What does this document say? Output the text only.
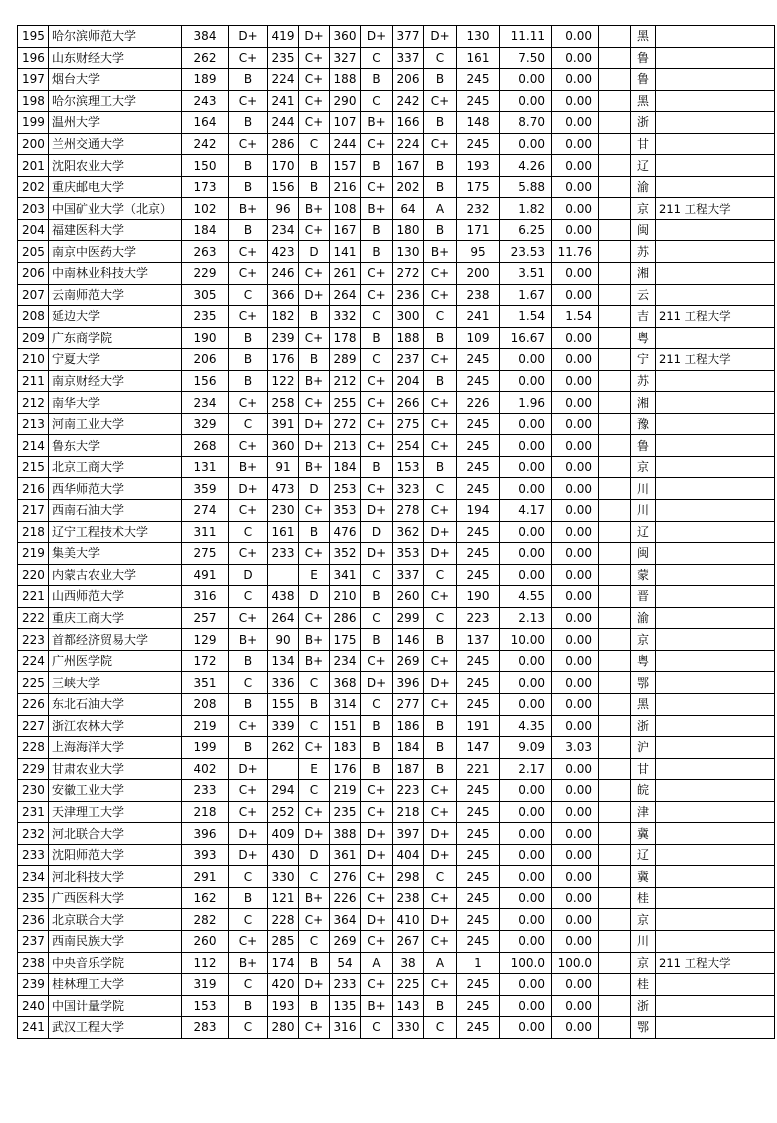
195	哈尔滨师范大学	384	D+	419	D+	360	D+	377	D+	130	11.11	0.00		黑	
196	山东财经大学	262	C+	235	C+	327	C	337	C	161	7.50	0.00		鲁	
197	烟台大学	189	B	224	C+	188	B	206	B	245	0.00	0.00		鲁	
198	哈尔滨理工大学	243	C+	241	C+	290	C	242	C+	245	0.00	0.00		黑	
199	温州大学	164	B	244	C+	107	B+	166	B	148	8.70	0.00		浙	
200	兰州交通大学	242	C+	286	C	244	C+	224	C+	245	0.00	0.00		甘	
201	沈阳农业大学	150	B	170	B	157	B	167	B	193	4.26	0.00		辽	
202	重庆邮电大学	173	B	156	B	216	C+	202	B	175	5.88	0.00		渝	
203	中国矿业大学（北京）	102	B+	96	B+	108	B+	64	A	232	1.82	0.00		京	211 工程大学
204	福建医科大学	184	B	234	C+	167	B	180	B	171	6.25	0.00		闽	
205	南京中医药大学	263	C+	423	D	141	B	130	B+	95	23.53	11.76		苏	
206	中南林业科技大学	229	C+	246	C+	261	C+	272	C+	200	3.51	0.00		湘	
207	云南师范大学	305	C	366	D+	264	C+	236	C+	238	1.67	0.00		云	
208	延边大学	235	C+	182	B	332	C	300	C	241	1.54	1.54		吉	211 工程大学
209	广东商学院	190	B	239	C+	178	B	188	B	109	16.67	0.00		粤	
210	宁夏大学	206	B	176	B	289	C	237	C+	245	0.00	0.00		宁	211 工程大学
211	南京财经大学	156	B	122	B+	212	C+	204	B	245	0.00	0.00		苏	
212	南华大学	234	C+	258	C+	255	C+	266	C+	226	1.96	0.00		湘	
213	河南工业大学	329	C	391	D+	272	C+	275	C+	245	0.00	0.00		豫	
214	鲁东大学	268	C+	360	D+	213	C+	254	C+	245	0.00	0.00		鲁	
215	北京工商大学	131	B+	91	B+	184	B	153	B	245	0.00	0.00		京	
216	西华师范大学	359	D+	473	D	253	C+	323	C	245	0.00	0.00		川	
217	西南石油大学	274	C+	230	C+	353	D+	278	C+	194	4.17	0.00		川	
218	辽宁工程技术大学	311	C	161	B	476	D	362	D+	245	0.00	0.00		辽	
219	集美大学	275	C+	233	C+	352	D+	353	D+	245	0.00	0.00		闽	
220	内蒙古农业大学	491	D		E	341	C	337	C	245	0.00	0.00		蒙	
221	山西师范大学	316	C	438	D	210	B	260	C+	190	4.55	0.00		晋	
222	重庆工商大学	257	C+	264	C+	286	C	299	C	223	2.13	0.00		渝	
223	首都经济贸易大学	129	B+	90	B+	175	B	146	B	137	10.00	0.00		京	
224	广州医学院	172	B	134	B+	234	C+	269	C+	245	0.00	0.00		粤	
225	三峡大学	351	C	336	C	368	D+	396	D+	245	0.00	0.00		鄂	
226	东北石油大学	208	B	155	B	314	C	277	C+	245	0.00	0.00		黑	
227	浙江农林大学	219	C+	339	C	151	B	186	B	191	4.35	0.00		浙	
228	上海海洋大学	199	B	262	C+	183	B	184	B	147	9.09	3.03		沪	
229	甘肃农业大学	402	D+		E	176	B	187	B	221	2.17	0.00		甘	
230	安徽工业大学	233	C+	294	C	219	C+	223	C+	245	0.00	0.00		皖	
231	天津理工大学	218	C+	252	C+	235	C+	218	C+	245	0.00	0.00		津	
232	河北联合大学	396	D+	409	D+	388	D+	397	D+	245	0.00	0.00		冀	
233	沈阳师范大学	393	D+	430	D	361	D+	404	D+	245	0.00	0.00		辽	
234	河北科技大学	291	C	330	C	276	C+	298	C	245	0.00	0.00		冀	
235	广西医科大学	162	B	121	B+	226	C+	238	C+	245	0.00	0.00		桂	
236	北京联合大学	282	C	228	C+	364	D+	410	D+	245	0.00	0.00		京	
237	西南民族大学	260	C+	285	C	269	C+	267	C+	245	0.00	0.00		川	
238	中央音乐学院	112	B+	174	B	54	A	38	A	1	100.0	100.0		京	211 工程大学
239	桂林理工大学	319	C	420	D+	233	C+	225	C+	245	0.00	0.00		桂	
240	中国计量学院	153	B	193	B	135	B+	143	B	245	0.00	0.00		浙	
241	武汉工程大学	283	C	280	C+	316	C	330	C	245	0.00	0.00		鄂	
